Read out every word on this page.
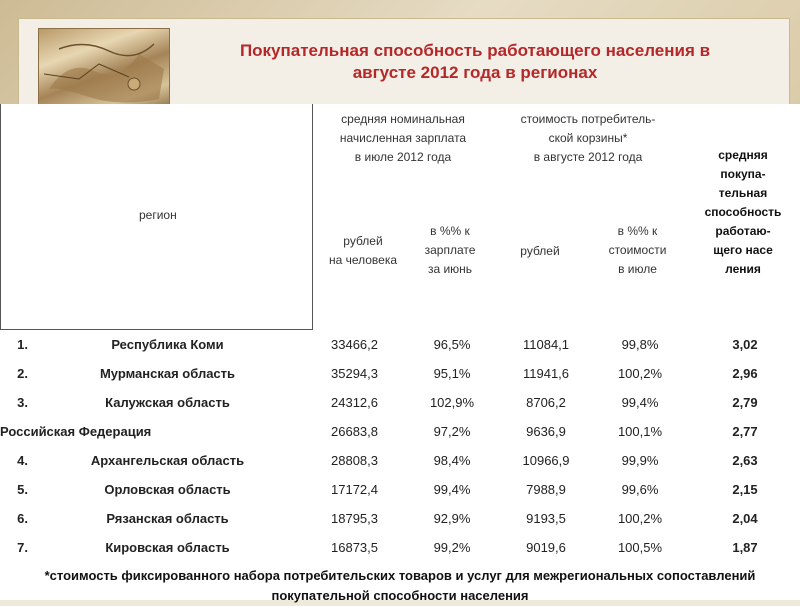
Покупательная способность работающего населения в
августе 2012 года в регионах
регион
средняя номинальная
начисленная зарплата
в июле 2012 года
рублей
на человека
в %% к
зарплате
за июнь
стоимость потребитель-
ской корзины*
в августе 2012 года
рублей
в %% к
стоимости
в июле
средняя
покупа-
тельная
способность
работаю-
щего насе
ления
1.	Республика Коми	33466,2	96,5%	11084,1	99,8%	3,02
2.	Мурманская область	35294,3	95,1%	11941,6	100,2%	2,96
3.	Калужская область	24312,6	102,9%	8706,2	99,4%	2,79
Российская Федерация		26683,8	97,2%	9636,9	100,1%	2,77
4.	Архангельская область	28808,3	98,4%	10966,9	99,9%	2,63
5.	Орловская область	17172,4	99,4%	7988,9	99,6%	2,15
6.	Рязанская область	18795,3	92,9%	9193,5	100,2%	2,04
7.	Кировская область	16873,5	99,2%	9019,6	100,5%	1,87
*стоимость фиксированного набора потребительских товаров и услуг для межрегиональных сопоставлений
покупательной способности населения
